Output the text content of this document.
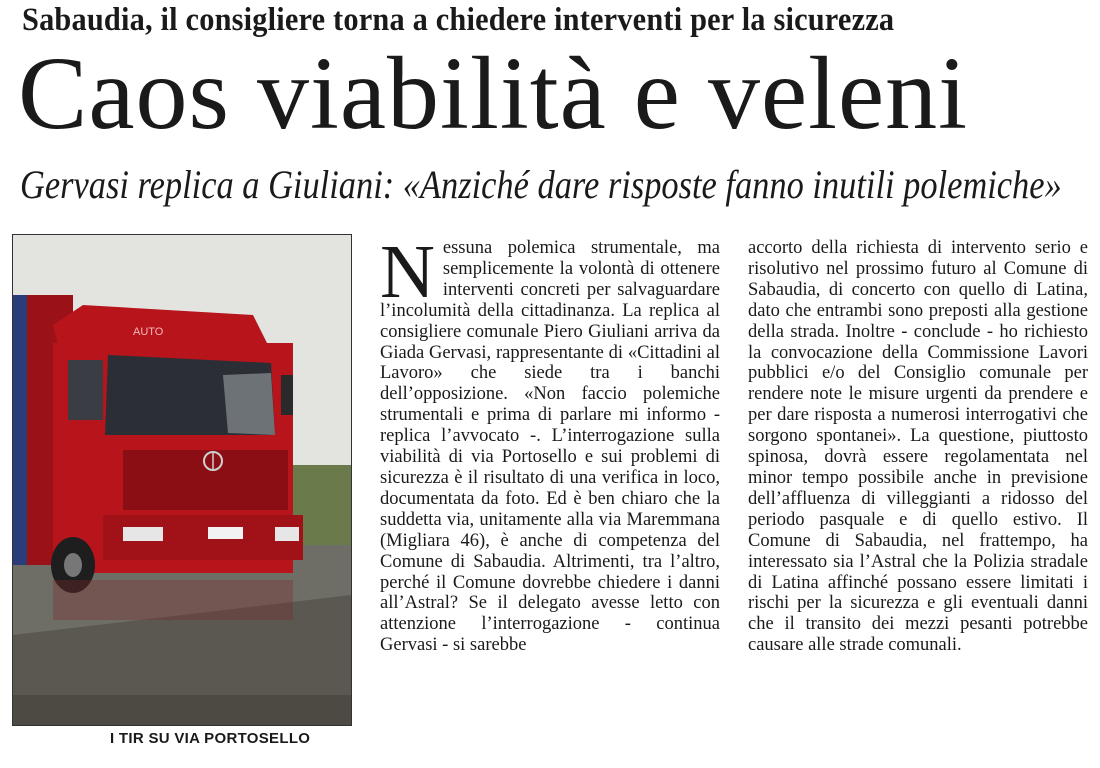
Sabaudia, il consigliere torna a chiedere interventi per la sicurezza
Caos viabilità e veleni
Gervasi replica a Giuliani: «Anziché dare risposte fanno inutili polemiche»
AUTO
I TIR SU VIA PORTOSELLO
N essuna polemica strumentale, ma semplicemente la volontà di ottenere interventi concreti per salvaguardare l’incolumità della cittadinanza. La replica al consigliere comunale Piero Giuliani arriva da Giada Gervasi, rappresentante di «Cittadini al Lavoro» che siede tra i banchi dell’opposizione. «Non faccio polemiche strumentali e prima di parlare mi informo - replica l’avvocato -. L’interrogazione sulla viabilità di via Portosello e sui problemi di sicurezza è il risultato di una verifica in loco, documentata da foto. Ed è ben chiaro che la suddetta via, unitamente alla via Maremmana (Migliara 46), è anche di competenza del Comune di Sabaudia. Altrimenti, tra l’altro, perché il Comune dovrebbe chiedere i danni all’Astral? Se il delegato avesse letto con attenzione l’interrogazione - continua Gervasi - si sarebbe

accorto della richiesta di intervento serio e risolutivo nel prossimo futuro al Comune di Sabaudia, di concerto con quello di Latina, dato che entrambi sono preposti alla gestione della strada. Inoltre - conclude - ho richiesto la convocazione della Commissione Lavori pubblici e/o del Consiglio comunale per rendere note le misure urgenti da prendere e per dare risposta a numerosi interrogativi che sorgono spontanei». La questione, piuttosto spinosa, dovrà essere regolamentata nel minor tempo possibile anche in previsione dell’affluenza di villeggianti a ridosso del periodo pasquale e di quello estivo. Il Comune di Sabaudia, nel frattempo, ha interessato sia l’Astral che la Polizia stradale di Latina affinché possano essere limitati i rischi per la sicurezza e gli eventuali danni che il transito dei mezzi pesanti potrebbe causare alle strade comunali.
